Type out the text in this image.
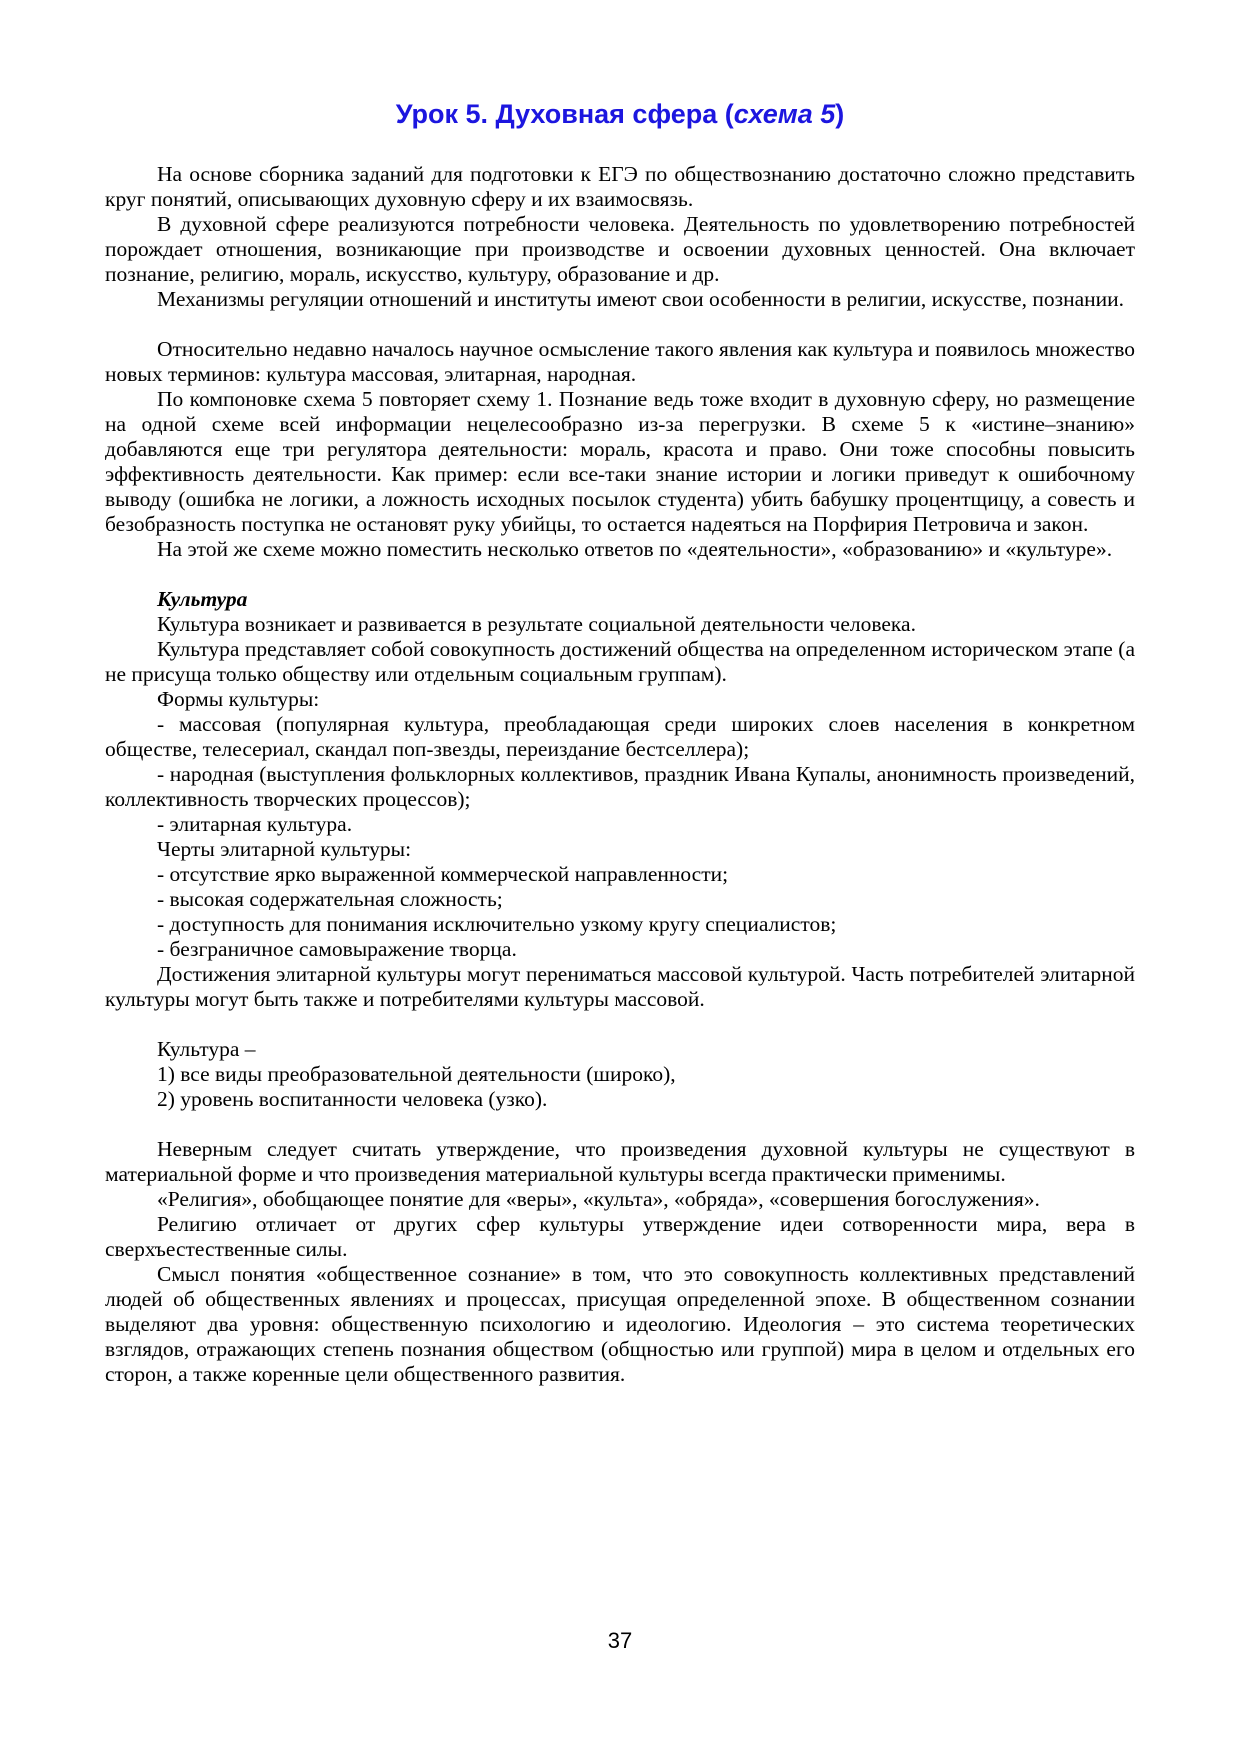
Урок 5. Духовная сфера (схема 5)

На основе сборника заданий для подготовки к ЕГЭ по обществознанию достаточно сложно представить круг понятий, описывающих духовную сферу и их взаимосвязь.

В духовной сфере реализуются потребности человека. Деятельность по удовлетворению потребностей порождает отношения, возникающие при производстве и освоении духовных ценностей. Она включает познание, религию, мораль, искусство, культуру, образование и др.

Механизмы регуляции отношений и институты имеют свои особенности в религии, искусстве, познании.

Относительно недавно началось научное осмысление такого явления как культура и появилось множество новых терминов: культура массовая, элитарная, народная.

По компоновке схема 5 повторяет схему 1. Познание ведь тоже входит в духовную сферу, но размещение на одной схеме всей информации нецелесообразно из-за перегрузки. В схеме 5 к «истине–знанию» добавляются еще три регулятора деятельности: мораль, красота и право. Они тоже способны повысить эффективность деятельности. Как пример: если все-таки знание истории и логики приведут к ошибочному выводу (ошибка не логики, а ложность исходных посылок студента) убить бабушку процентщицу, а совесть и безобразность поступка не остановят руку убийцы, то остается надеяться на Порфирия Петровича и закон.

На этой же схеме можно поместить несколько ответов по «деятельности», «образованию» и «культуре».

Культура

Культура возникает и развивается в результате социальной деятельности человека.

Культура представляет собой совокупность достижений общества на определенном историческом этапе (а не присуща только обществу или отдельным социальным группам).

Формы культуры:

- массовая (популярная культура, преобладающая среди широких слоев населения в конкретном обществе, телесериал, скандал поп-звезды, переиздание бестселлера);

- народная (выступления фольклорных коллективов, праздник Ивана Купалы, анонимность произведений, коллективность творческих процессов);

- элитарная культура.

Черты элитарной культуры:

- отсутствие ярко выраженной коммерческой направленности;

- высокая содержательная сложность;

- доступность для понимания исключительно узкому кругу специалистов;

- безграничное самовыражение творца.

Достижения элитарной культуры могут перениматься массовой культурой. Часть потребителей элитарной культуры могут быть также и потребителями культуры массовой.

Культура –

1) все виды преобразовательной деятельности (широко),

2) уровень воспитанности человека (узко).

Неверным следует считать утверждение, что произведения духовной культуры не существуют в материальной форме и что произведения материальной культуры всегда практически применимы.

«Религия», обобщающее понятие для «веры», «культа», «обряда», «совершения богослужения».

Религию отличает от других сфер культуры утверждение идеи сотворенности мира, вера в сверхъестественные силы.

Смысл понятия «общественное сознание» в том, что это совокупность коллективных представлений людей об общественных явлениях и процессах, присущая определенной эпохе. В общественном сознании выделяют два уровня: общественную психологию и идеологию. Идеология – это система теоретических взглядов, отражающих степень познания обществом (общностью или группой) мира в целом и отдельных его сторон, а также коренные цели общественного развития.

37
